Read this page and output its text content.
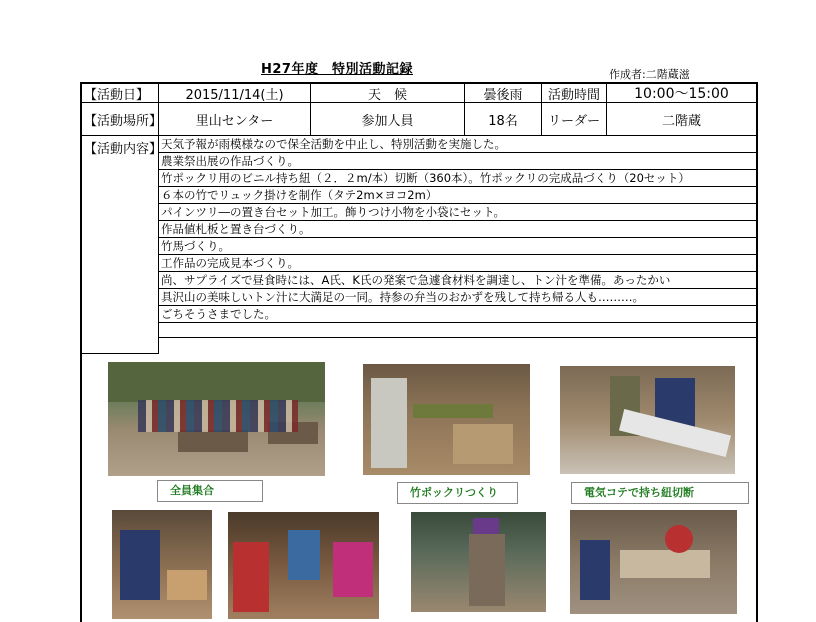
H27年度　特別活動記録	作成者:二階蔵滋
【活動日】	2015/11/14(土)	天　候	曇後雨	活動時間	10:00～15:00
【活動場所】	里山センター	参加人員	18名	リーダー	二階蔵
【活動内容】
天気予報が雨模様なので保全活動を中止し、特別活動を実施した。
農業祭出展の作品づくり。
竹ポックリ用のビニル持ち紐（２．２m/本）切断（360本）。竹ポックリの完成品づくり（20セット）
６本の竹でリュック掛けを制作（タテ2m×ヨコ2m）
パインツリ―の置き台セット加工。飾りつけ小物を小袋にセット。
作品値札板と置き台づくり。
竹馬づくり。
工作品の完成見本づくり。
尚、サプライズで昼食時には、A氏、K氏の発案で急遽食材料を調達し、トン汁を準備。あったかい
具沢山の美味しいトン汁に大満足の一同。持参の弁当のおかずを残して持ち帰る人も………。
ごちそうさまでした。
全員集合	竹ポックリつくり	電気コテで持ち紐切断
